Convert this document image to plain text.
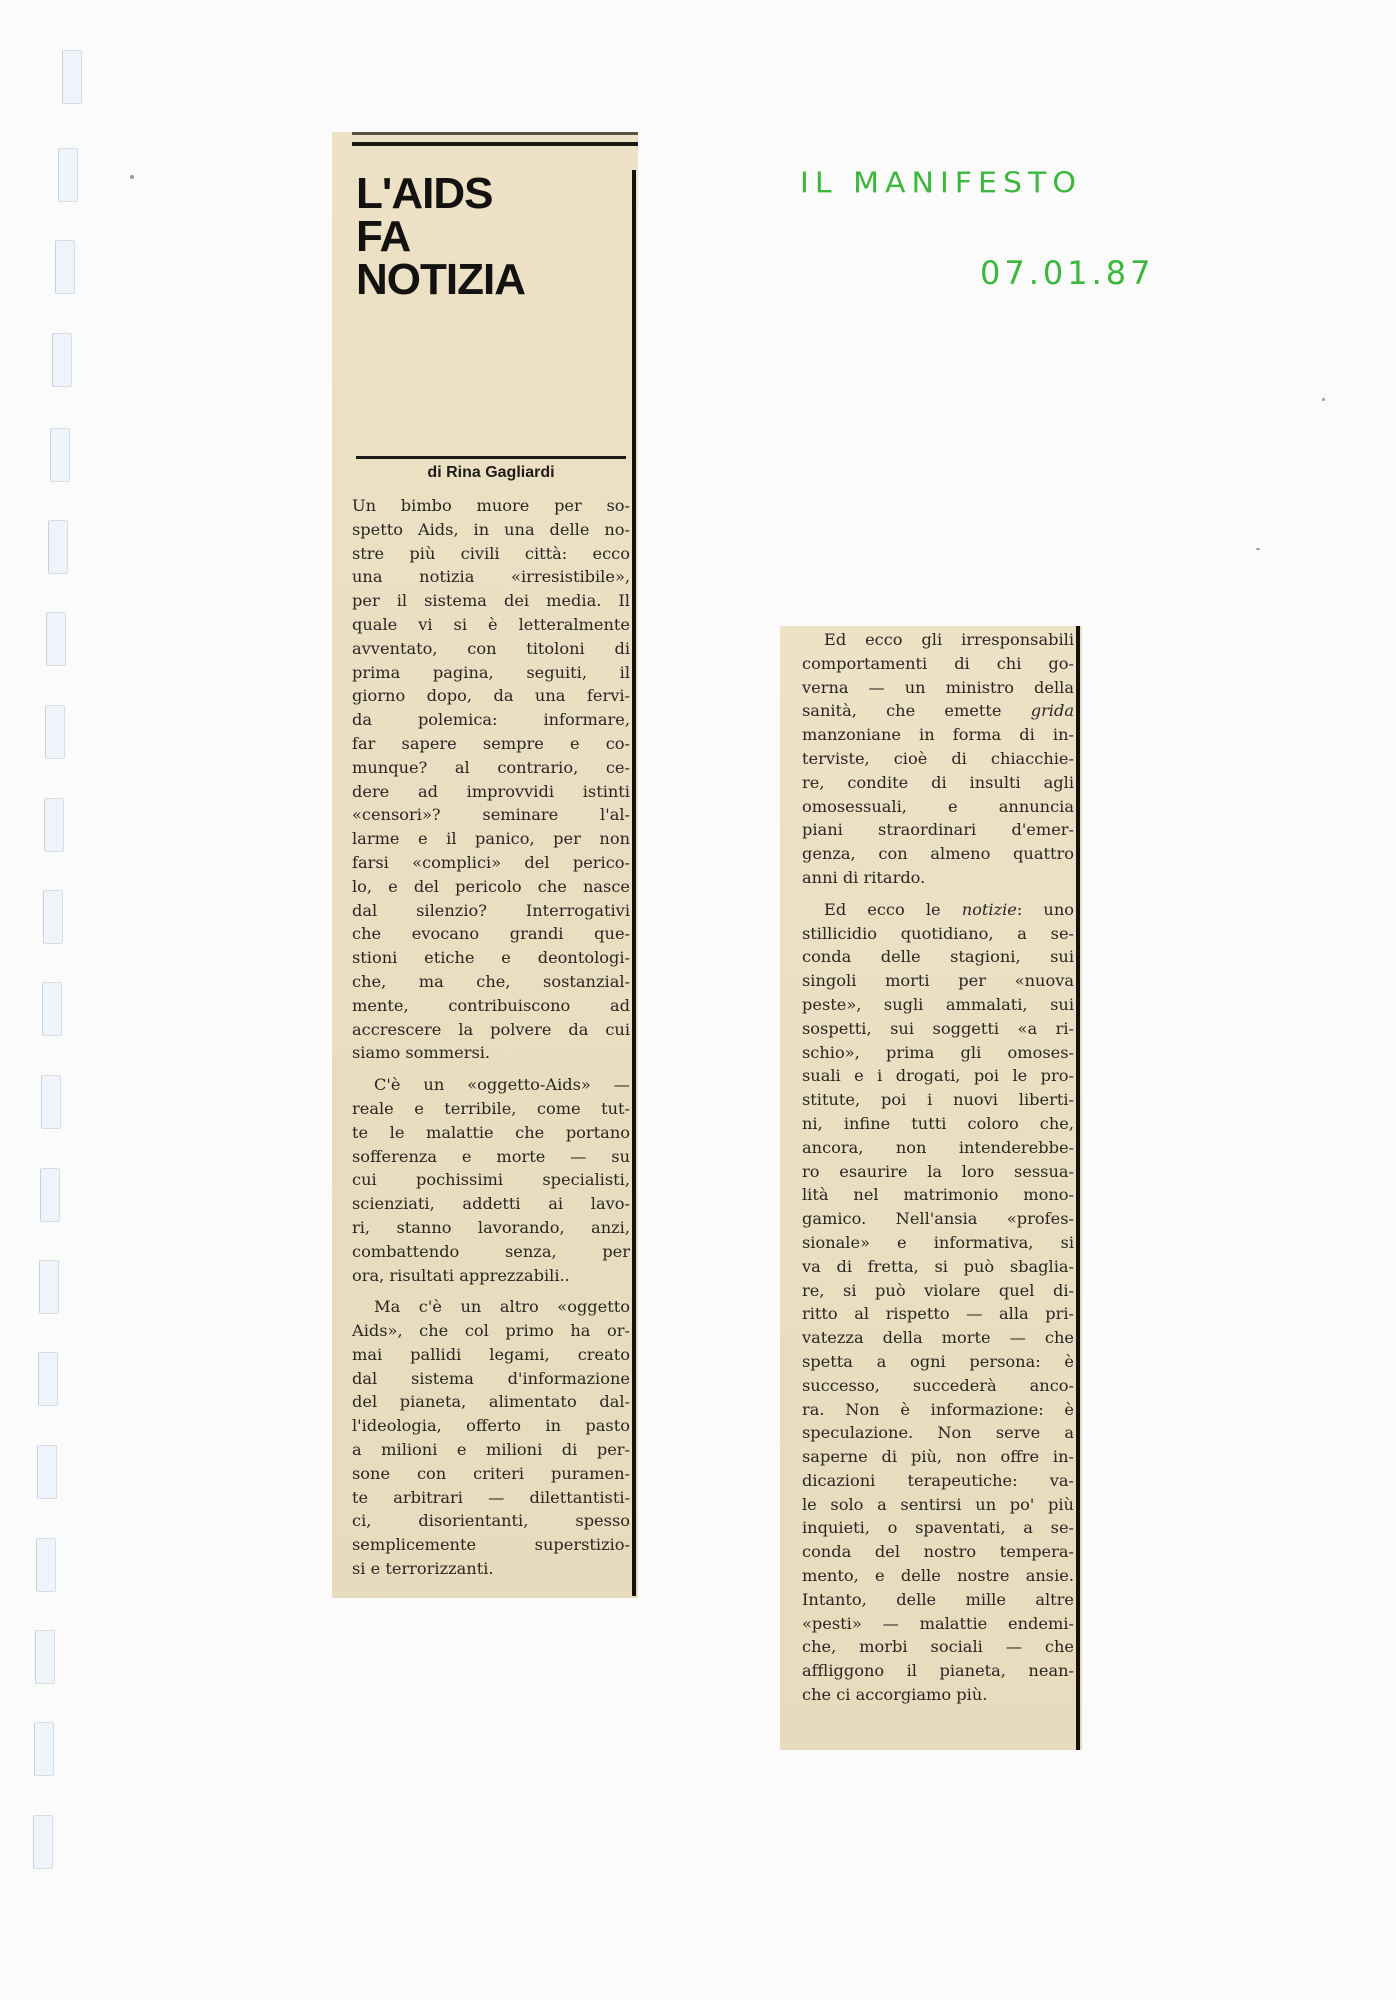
IL MANIFESTO
07.01.87
L'AIDS
FA
NOTIZIA
di Rina Gagliardi
Un bimbo muore per so-
spetto Aids, in una delle no-
stre più civili città: ecco
una notizia «irresistibile»,
per il sistema dei media. Il
quale vi si è letteralmente
avventato, con titoloni di
prima pagina, seguiti, il
giorno dopo, da una fervi-
da polemica: informare,
far sapere sempre e co-
munque? al contrario, ce-
dere ad improvvidi istinti
«censori»? seminare l'al-
larme e il panico, per non
farsi «complici» del perico-
lo, e del pericolo che nasce
dal silenzio? Interrogativi
che evocano grandi que-
stioni etiche e deontologi-
che, ma che, sostanzial-
mente, contribuiscono ad
accrescere la polvere da cui
siamo sommersi.
C'è un «oggetto-Aids» —
reale e terribile, come tut-
te le malattie che portano
sofferenza e morte — su
cui pochissimi specialisti,
scienziati, addetti ai lavo-
ri, stanno lavorando, anzi,
combattendo senza, per
ora, risultati apprezzabili..
Ma c'è un altro «oggetto
Aids», che col primo ha or-
mai pallidi legami, creato
dal sistema d'informazione
del pianeta, alimentato dal-
l'ideologia, offerto in pasto
a milioni e milioni di per-
sone con criteri puramen-
te arbitrari — dilettantisti-
ci, disorientanti, spesso
semplicemente superstizio-
si e terrorizzanti.
Ed ecco gli irresponsabili
comportamenti di chi go-
verna — un ministro della
sanità, che emette grida
manzoniane in forma di in-
terviste, cioè di chiacchie-
re, condite di insulti agli
omosessuali, e annuncia
piani straordinari d'emer-
genza, con almeno quattro
anni di ritardo.
Ed ecco le notizie: uno
stillicidio quotidiano, a se-
conda delle stagioni, sui
singoli morti per «nuova
peste», sugli ammalati, sui
sospetti, sui soggetti «a ri-
schio», prima gli omoses-
suali e i drogati, poi le pro-
stitute, poi i nuovi liberti-
ni, infine tutti coloro che,
ancora, non intenderebbe-
ro esaurire la loro sessua-
lità nel matrimonio mono-
gamico. Nell'ansia «profes-
sionale» e informativa, si
va di fretta, si può sbaglia-
re, si può violare quel di-
ritto al rispetto — alla pri-
vatezza della morte — che
spetta a ogni persona: è
successo, succederà anco-
ra. Non è informazione: è
speculazione. Non serve a
saperne di più, non offre in-
dicazioni terapeutiche: va-
le solo a sentirsi un po' più
inquieti, o spaventati, a se-
conda del nostro tempera-
mento, e delle nostre ansie.
Intanto, delle mille altre
«pesti» — malattie endemi-
che, morbi sociali — che
affliggono il pianeta, nean-
che ci accorgiamo più.
